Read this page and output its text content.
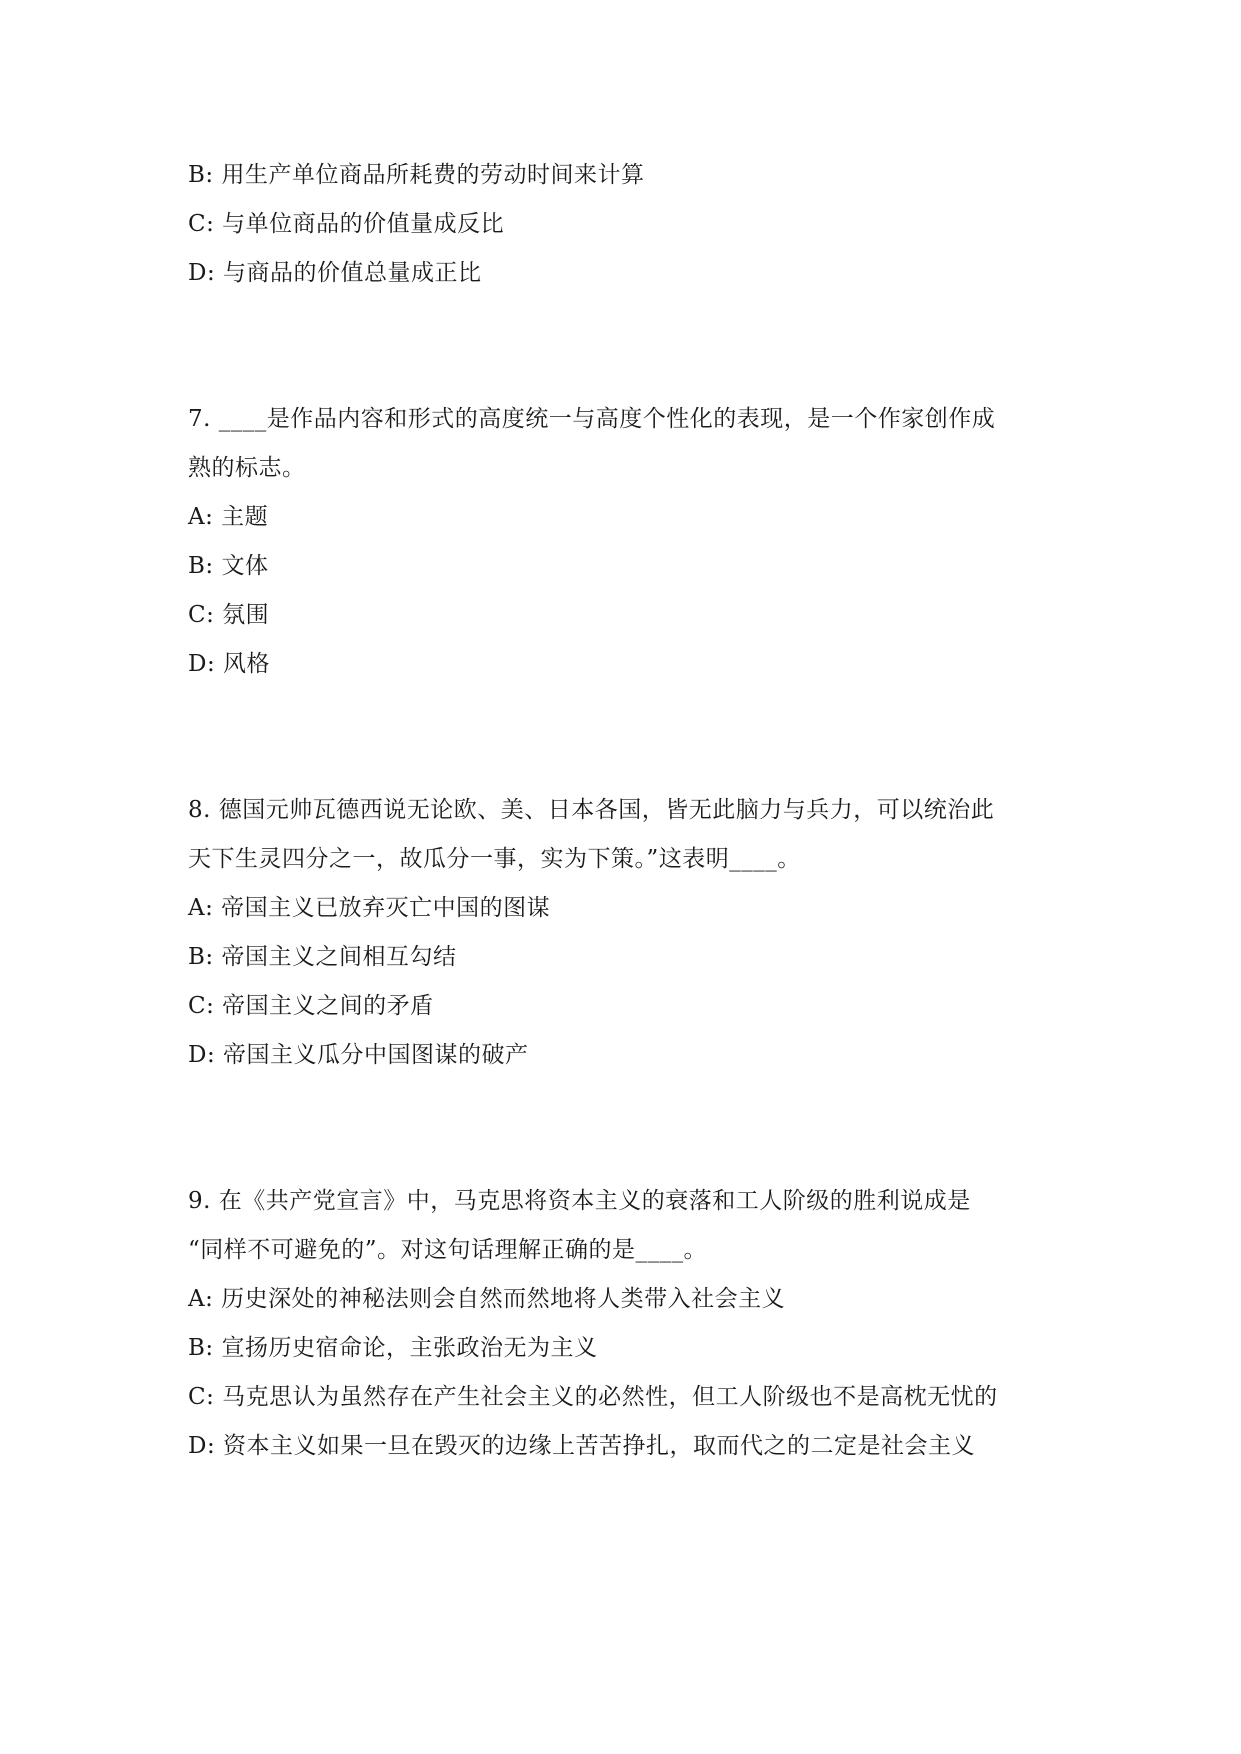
B: 用生产单位商品所耗费的劳动时间来计算
C: 与单位商品的价值量成反比
D: 与商品的价值总量成正比
7. ____是作品内容和形式的高度统一与高度个性化的表现，是一个作家创作成
熟的标志。
A: 主题
B: 文体
C: 氛围
D: 风格
8. 德国元帅瓦德西说无论欧、美、日本各国，皆无此脑力与兵力，可以统治此
天下生灵四分之一，故瓜分一事，实为下策。”这表明____。
A: 帝国主义已放弃灭亡中国的图谋
B: 帝国主义之间相互勾结
C: 帝国主义之间的矛盾
D: 帝国主义瓜分中国图谋的破产
9. 在《共产党宣言》中，马克思将资本主义的衰落和工人阶级的胜利说成是
“同样不可避免的”。对这句话理解正确的是____。
A: 历史深处的神秘法则会自然而然地将人类带入社会主义
B: 宣扬历史宿命论，主张政治无为主义
C: 马克思认为虽然存在产生社会主义的必然性，但工人阶级也不是高枕无忧的
D: 资本主义如果一旦在毁灭的边缘上苦苦挣扎，取而代之的二定是社会主义
